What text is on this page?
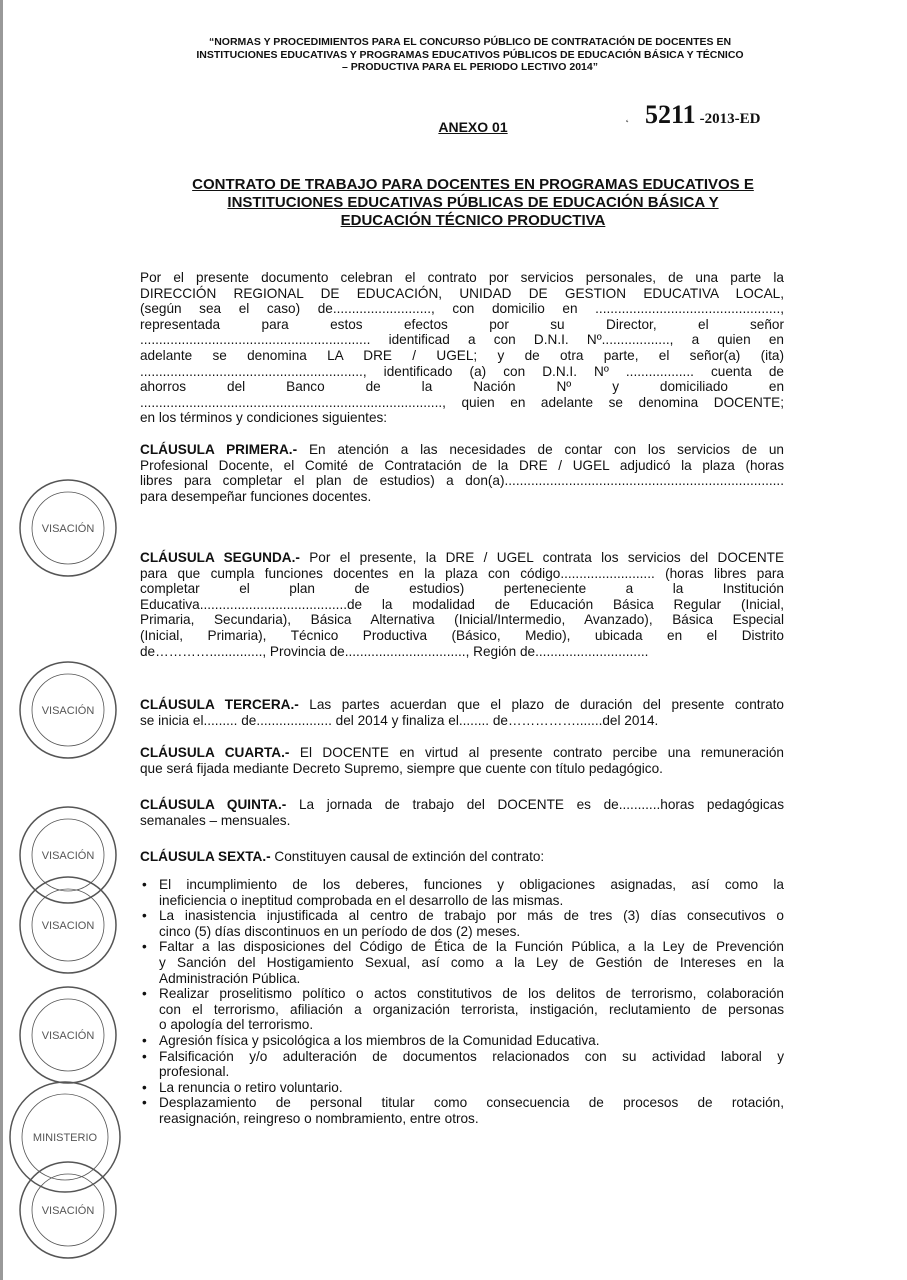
“NORMAS Y PROCEDIMIENTOS PARA EL CONCURSO PÚBLICO DE CONTRATACIÓN DE DOCENTES EN
INSTITUCIONES EDUCATIVAS Y PROGRAMAS EDUCATIVOS PÚBLICOS DE EDUCACIÓN BÁSICA Y TÉCNICO
– PRODUCTIVA PARA EL PERIODO LECTIVO 2014”
˛ 5211 -2013-ED
ANEXO 01
CONTRATO DE TRABAJO PARA DOCENTES EN PROGRAMAS EDUCATIVOS E
INSTITUCIONES EDUCATIVAS PÚBLICAS DE EDUCACIÓN BÁSICA Y
EDUCACIÓN TÉCNICO PRODUCTIVA
Por el presente documento celebran el contrato por servicios personales, de una parte la
DIRECCIÓN REGIONAL DE EDUCACIÓN, UNIDAD DE GESTION EDUCATIVA LOCAL,
(según sea el caso) de.........................., con domicilio en .................................................,
representada para estos efectos por su Director, el señor
............................................................. identificad a con D.N.I. Nº.................., a quien en
adelante se denomina LA DRE / UGEL; y de otra parte, el señor(a) (ita)
..........................................................., identificado (a) con D.N.I. Nº .................. cuenta de
ahorros del Banco de la Nación Nº y domiciliado en
................................................................................, quien en adelante se denomina DOCENTE;
en los términos y condiciones siguientes:
CLÁUSULA PRIMERA.- En atención a las necesidades de contar con los servicios de un
Profesional Docente, el Comité de Contratación de la DRE / UGEL adjudicó la plaza (horas
libres para completar el plan de estudios) a don(a)..........................................................................
para desempeñar funciones docentes.
CLÁUSULA SEGUNDA.- Por el presente, la DRE / UGEL contrata los servicios del DOCENTE
para que cumpla funciones docentes en la plaza con código......................... (horas libres para
completar el plan de estudios) perteneciente a la Institución
Educativa.......................................de la modalidad de Educación Básica Regular (Inicial,
Primaria, Secundaria), Básica Alternativa (Inicial/Intermedio, Avanzado), Básica Especial
(Inicial, Primaria), Técnico Productiva (Básico, Medio), ubicada en el Distrito
de………….............., Provincia de................................, Región de..............................
CLÁUSULA TERCERA.- Las partes acuerdan que el plazo de duración del presente contrato
se inicia el......... de.................... del 2014 y finaliza el........ de…………….......del 2014.
CLÁUSULA CUARTA.- El DOCENTE en virtud al presente contrato percibe una remuneración
que será fijada mediante Decreto Supremo, siempre que cuente con título pedagógico.
CLÁUSULA QUINTA.- La jornada de trabajo del DOCENTE es de...........horas pedagógicas
semanales – mensuales.
CLÁUSULA SEXTA.- Constituyen causal de extinción del contrato:
• El incumplimiento de los deberes, funciones y obligaciones asignadas, así como la
ineficiencia o ineptitud comprobada en el desarrollo de las mismas.
• La inasistencia injustificada al centro de trabajo por más de tres (3) días consecutivos o
cinco (5) días discontinuos en un período de dos (2) meses.
• Faltar a las disposiciones del Código de Ética de la Función Pública, a la Ley de Prevención
y Sanción del Hostigamiento Sexual, así como a la Ley de Gestión de Intereses en la
Administración Pública.
• Realizar proselitismo político o actos constitutivos de los delitos de terrorismo, colaboración
con el terrorismo, afiliación a organización terrorista, instigación, reclutamiento de personas
o apología del terrorismo.
• Agresión física y psicológica a los miembros de la Comunidad Educativa.
• Falsificación y/o adulteración de documentos relacionados con su actividad laboral y
profesional.
• La renuncia o retiro voluntario.
• Desplazamiento de personal titular como consecuencia de procesos de rotación,
reasignación, reingreso o nombramiento, entre otros.
VISACIÓN
VISACIÓN
VISACIÓN
VISACION
VISACIÓN
MINISTERIO
VISACIÓN
